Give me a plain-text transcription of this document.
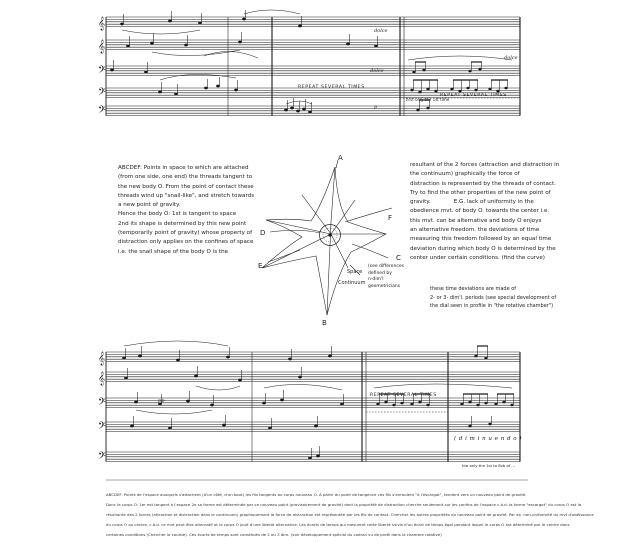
𝄞
𝄞
𝄢
𝄢
𝄢
A
B
C
D
E
F
Space
Continuum
(see differences
defined by
n-dim'l
geometricians
dolce
dolce
dolce
p
REPEAT SEVERAL TIMES
REPEAT SEVERAL TIMES
first only the 1st time
ABCDEF: Points in space to which are attached
(from one side, one end) the threads tangent to
the new body O. From the point of contact these
threads wind up "snail-like", and stretch towards
a new point of gravity.
Hence the body O: 1st is tangent to space
2nd its shape is determined by this new point
(temporarily point of gravity) whose property of
distraction only applies on the confines of space
i.e. the snail shape of the body O is the
resultant of the 2 forces (attraction and distraction in
the continuum) graphically the force of
distraction is represented by the threads of contact.
Try to find the other properties of the new point of
gravity.             E.G. lack of uniformity in the
obedience mvt. of body O. towards the center i.e.
this mvt. can be alternative and body O enjoys
an alternative freedom. the deviations of time
measuring this freedom followed by an equal time
deviation during which body O is determined by the
center under certain conditions. (find the curve)
these time deviations are made of
2- or 3- dim'l. periods (see special development of
the dial seen in profile in "the rotative chamber")
𝄞
𝄞
𝄢
𝄢
𝄢
REPEAT SEVERAL TIMES
pp
( d i m i n u e n d o )
the only the 1st to 8vb of ...
ABCDEF: Points de l'espace auxquels s'attachent (d'un côté, d'un bout) les fils tangents au corps nouveau O. A partir du point de tangence ces fils s'enroulent "à l'escargot", tendent vers un nouveau point de gravité.
Donc le corps O: 1er est tangent à l'espace 2e sa forme est déterminée par ce nouveau point (provisoirement de gravité) dont la propriété de distraction cherche seulement sur les confins de l'espace c.à.d. la forme "escargot" du corps O est la
résultante des 2 forces (attraction et distraction dans le continuum) graphiquement la force de distraction est représentée par les fils de contact. Chercher les autres propriétés du nouveau point de gravité. Par ex. non-uniformité du mvt d'obéissance
du corps O au centre, c.à.d. ce mvt peut être alternatif et le corps O jouit d'une liberté alternative. Les écarts de temps qui mesurent cette liberté suivis d'un écart de temps égal pendant lequel le corps O est déterminé par le centre dans
certaines conditions (Chercher la courbe). Ces écarts de temps sont constitués de 2 ou 3 dim. (voir développement spécial du cadran vu de profil dans la chambre rotative)
